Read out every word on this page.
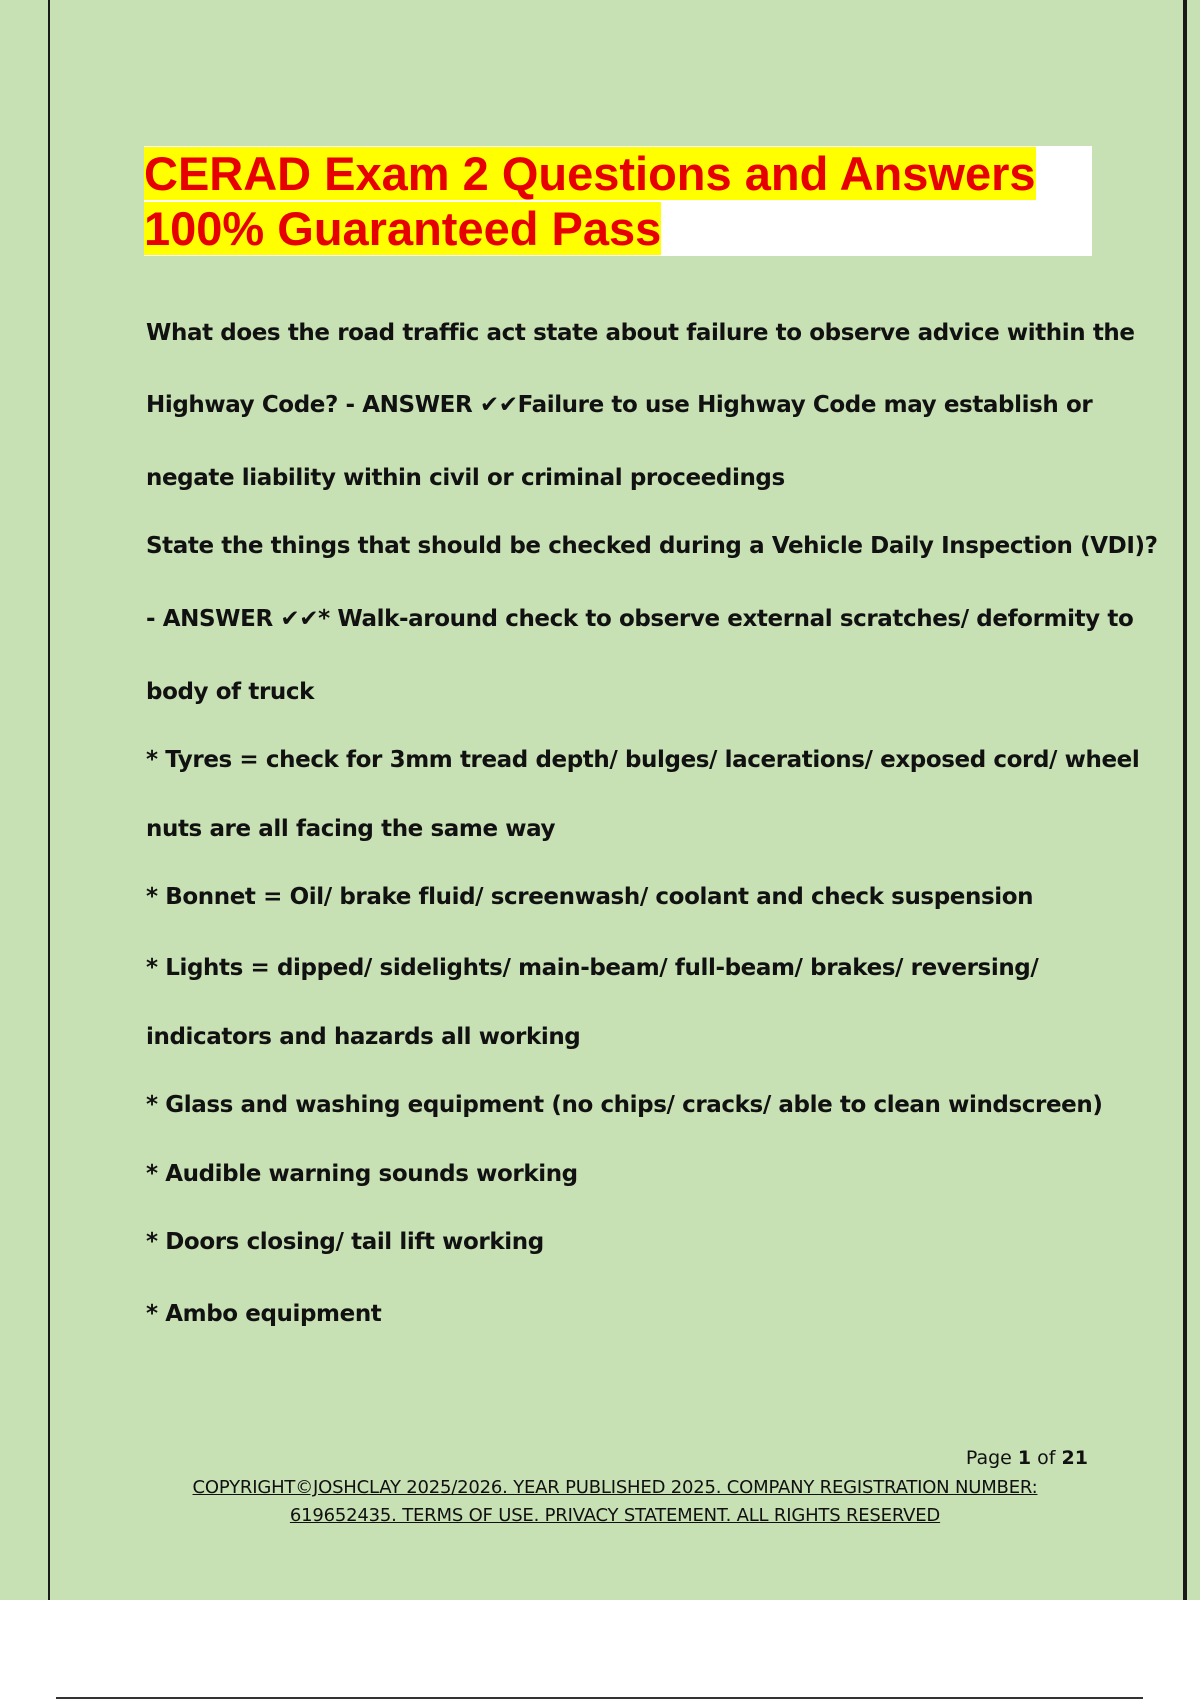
CERAD Exam 2 Questions and Answers
100% Guaranteed Pass
What does the road traffic act state about failure to observe advice within the
Highway Code? - ANSWER ✔✔Failure to use Highway Code may establish or
negate liability within civil or criminal proceedings
State the things that should be checked during a Vehicle Daily Inspection (VDI)?
- ANSWER ✔✔* Walk-around check to observe external scratches/ deformity to
body of truck
* Tyres = check for 3mm tread depth/ bulges/ lacerations/ exposed cord/ wheel
nuts are all facing the same way
* Bonnet = Oil/ brake fluid/ screenwash/ coolant and check suspension
* Lights = dipped/ sidelights/ main-beam/ full-beam/ brakes/ reversing/
indicators and hazards all working
* Glass and washing equipment (no chips/ cracks/ able to clean windscreen)
* Audible warning sounds working
* Doors closing/ tail lift working
* Ambo equipment
Page 1 of 21
COPYRIGHT©JOSHCLAY 2025/2026. YEAR PUBLISHED 2025. COMPANY REGISTRATION NUMBER:
619652435. TERMS OF USE. PRIVACY STATEMENT. ALL RIGHTS RESERVED
